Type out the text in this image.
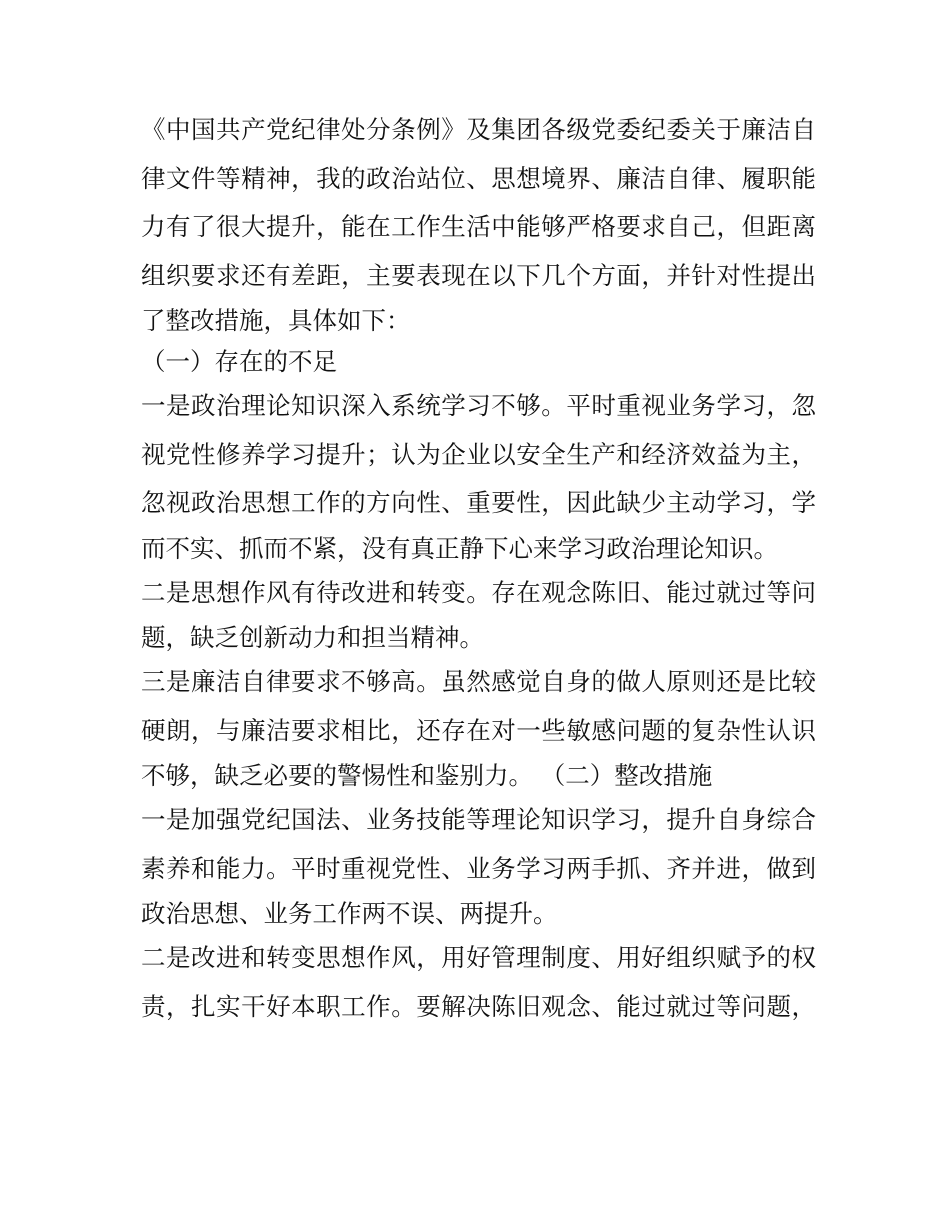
《中国共产党纪律处分条例》及集团各级党委纪委关于廉洁自
律文件等精神，我的政治站位、思想境界、廉洁自律、履职能
力有了很大提升，能在工作生活中能够严格要求自己，但距离
组织要求还有差距，主要表现在以下几个方面，并针对性提出
了整改措施，具体如下：
（一）存在的不足
一是政治理论知识深入系统学习不够。平时重视业务学习，忽
视党性修养学习提升；认为企业以安全生产和经济效益为主，
忽视政治思想工作的方向性、重要性，因此缺少主动学习，学
而不实、抓而不紧，没有真正静下心来学习政治理论知识。
二是思想作风有待改进和转变。存在观念陈旧、能过就过等问
题，缺乏创新动力和担当精神。
三是廉洁自律要求不够高。虽然感觉自身的做人原则还是比较
硬朗，与廉洁要求相比，还存在对一些敏感问题的复杂性认识
不够，缺乏必要的警惕性和鉴别力。 （二）整改措施
一是加强党纪国法、业务技能等理论知识学习，提升自身综合
素养和能力。平时重视党性、业务学习两手抓、齐并进，做到
政治思想、业务工作两不误、两提升。
二是改进和转变思想作风，用好管理制度、用好组织赋予的权
责，扎实干好本职工作。要解决陈旧观念、能过就过等问题，
